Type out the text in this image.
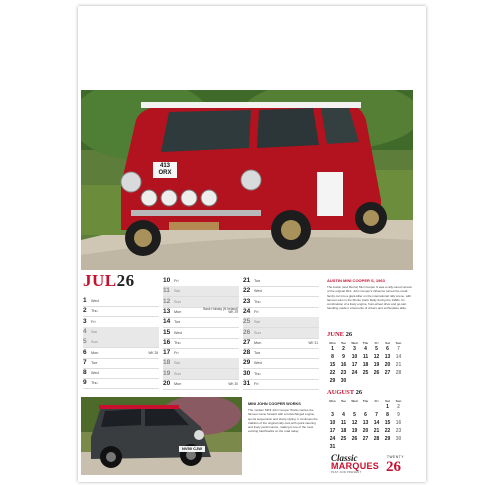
413 ORX
JUL26
1 Wed
2 Thu
3 Fri
4 Sat
5 Sun
6 Mon	WK 28
7 Tue
8 Wed
9 Thu
10 Fri
11 Sat
12 Sun
13 Mon	WK 29
Bank Holiday (N Ireland)
14 Tue
15 Wed
16 Thu
17 Fri
18 Sat
19 Sun
20 Mon	WK 30
21 Tue
22 Wed
23 Thu
24 Fri
25 Sat
26 Sun
27 Mon	WK 31
28 Tue
29 Wed
30 Thu
31 Fri
AUSTIN MINI COOPER S, 1963
The Austin (and Morris) Mini Cooper S was a rally-tuned version of the original Mini. John Cooper's influence turned the small family car into a giant-killer on the international rally scene, with famous wins in the Monte Carlo Rally during the 1960s. Its combination of a lively engine, front-wheel drive and go-kart handling made it a favourite of drivers and enthusiasts alike.
JUNE 26
Mon	Tue	Wed	Thu	Fri	Sat	Sun
1	2	3	4	5	6	7
8	9	10	11	12	13	14
15	16	17	18	19	20	21
22	23	24	25	26	27	28
29	30					
AUGUST 26
Mon	Tue	Wed	Thu	Fri	Sat	Sun
					1	2
3	4	5	6	7	8	9
10	11	12	13	14	15	16
17	18	19	20	21	22	23
24	25	26	27	28	29	30
31						
NV50 CJW
MINI JOHN COOPER WORKS
The modern MINI John Cooper Works carries the famous name forward with a turbocharged engine, sports suspension and sharp styling. It continues the tradition of the original rally cars with quick steering and lively performance, making it one of the most exciting hatchbacks on the road today.
Classic
MARQUES
PAST AND PRESENT
TWENTY
26
